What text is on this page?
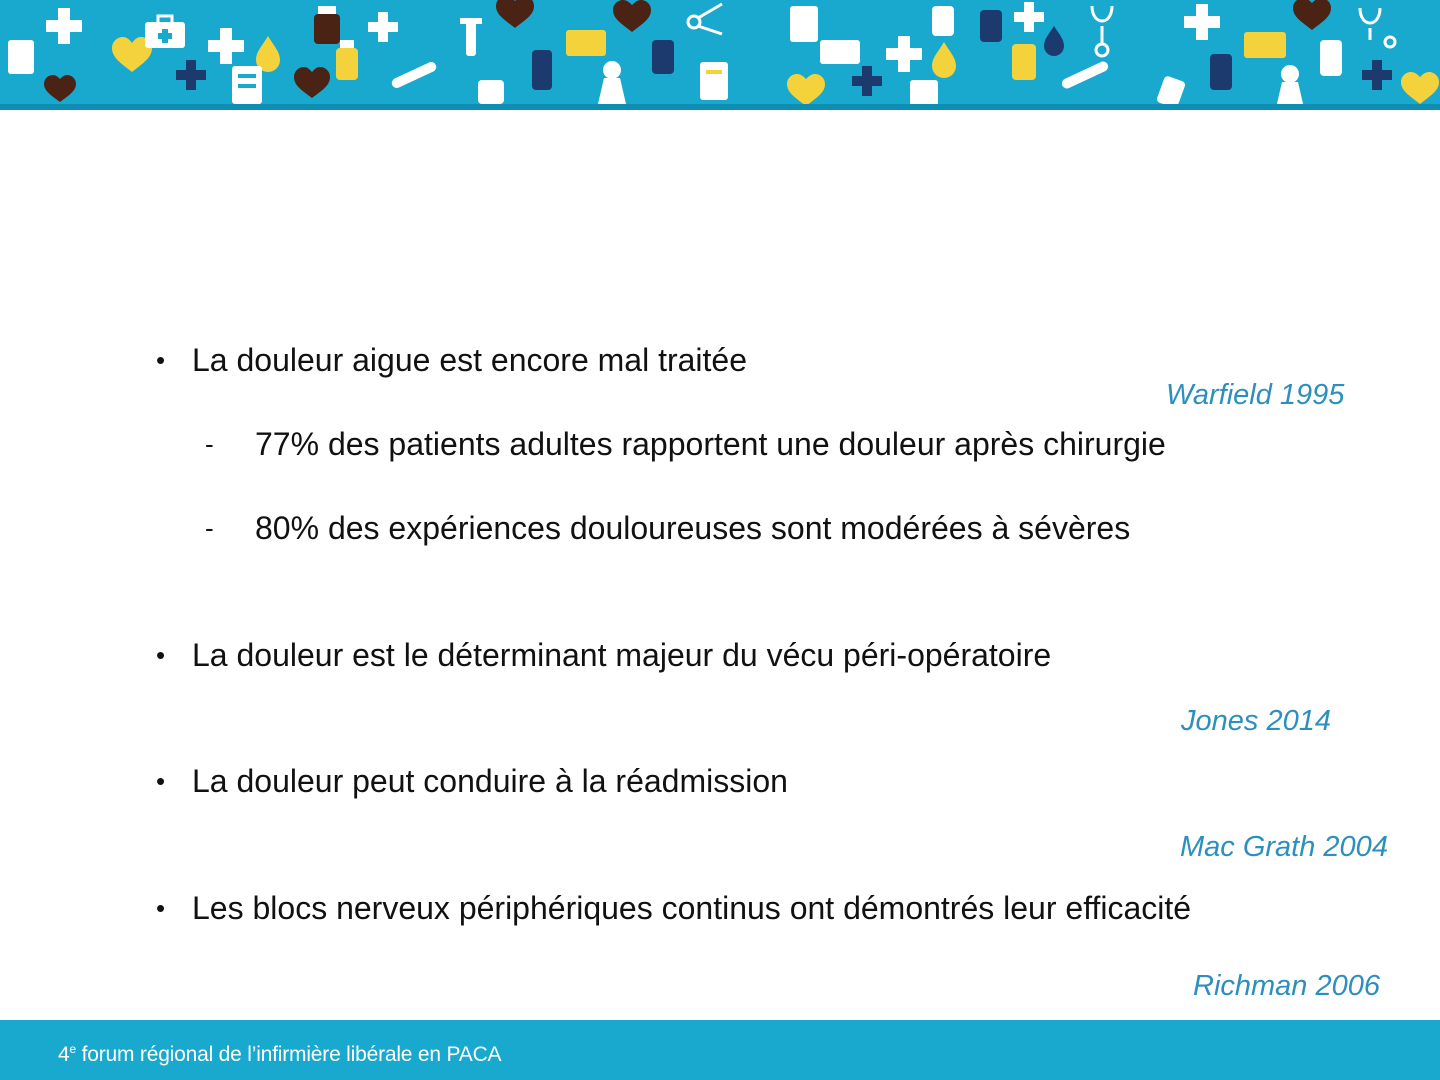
• La douleur aigue est encore mal traitée
Warfield 1995
- 77% des patients adultes rapportent une douleur après chirurgie
- 80% des expériences douloureuses sont modérées à sévères
• La douleur est le déterminant majeur du vécu péri-opératoire
Jones 2014
• La douleur peut conduire à la réadmission
Mac Grath 2004
• Les blocs nerveux périphériques continus ont démontrés leur efficacité
Richman 2006
4e forum régional de l’infirmière libérale en PACA
